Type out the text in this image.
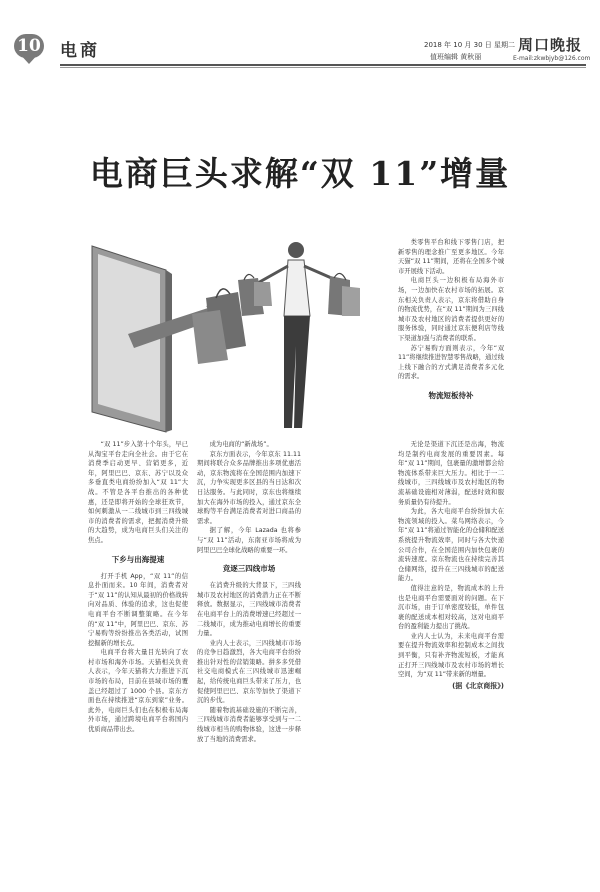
10 电商	2018 年 10 月 30 日 星期二 周口晚报
值班编辑 黄秋丽	E-mail:zkwbjyb@126.com
电商巨头求解“双 11”增量

“双 11”步入第十个年头，早已从淘宝平台走向全社会。由于它在消费季启动更早、营销更多，近年，阿里巴巴、京东、苏宁以及众多垂直类电商纷纷加入“双 11”大战。不管是各平台推出的各种优惠，还是即将开始的全球狂欢节，如何刺激从一二线城市到三四线城市的消费者的需求，把握消费升级的大趋势，成为电商巨头们关注的焦点。

下乡与出海提速

打开手机 App，“双 11”的信息扑面而来。10 年间，消费者对于“双 11”的认知从最初的价格战转向对品质、体验的追求，这也促使电商平台不断调整策略。在今年的“双 11”中，阿里巴巴、京东、苏宁易购等纷纷推出各类活动，试图挖掘新的增长点。

电商平台将大量目光转向了农村市场和海外市场。天猫相关负责人表示，今年天猫将大力推进下沉市场的布局，目前在县域市场的覆盖已经超过了 1000 个县。京东方面也在持续推进“京东到家”业务。此外，电商巨头们也在积极布局海外市场，通过跨境电商平台将国内优质商品带出去。

成为电商的“新战场”。

京东方面表示，今年京东 11.11 期间将联合众多品牌推出多项优惠活动，京东物流将在全国范围内加速下沉，力争实现更多区县的当日达和次日达服务。与此同时，京东也将继续加大在海外市场的投入，通过京东全球购等平台满足消费者对进口商品的需求。

据了解，今年 Lazada 也将参与“双 11”活动，东南亚市场将成为阿里巴巴全球化战略的重要一环。

竞逐三四线市场

在消费升级的大背景下，三四线城市及农村地区的消费潜力正在不断释放。数据显示，三四线城市消费者在电商平台上的消费增速已经超过一二线城市，成为推动电商增长的重要力量。

业内人士表示，三四线城市市场的竞争日趋激烈，各大电商平台纷纷推出针对性的营销策略。拼多多凭借社交电商模式在三四线城市迅速崛起，给传统电商巨头带来了压力，也促使阿里巴巴、京东等加快了渠道下沉的步伐。

随着物流基础设施的不断完善，三四线城市消费者能够享受到与一二线城市相当的购物体验，这进一步释放了当地的消费需求。

类零售平台和线下零售门店，把新零售的理念推广至更多地区。今年天猫“双 11”期间，还将在全国多个城市开展线下活动。

电商巨头一边积极布局海外市场，一边加快在农村市场的拓展。京东相关负责人表示，京东将借助自身的物流优势，在“双 11”期间为三四线城市及农村地区的消费者提供更好的服务体验，同时通过京东便利店等线下渠道加强与消费者的联系。

苏宁易购方面则表示，今年“双 11”将继续推进智慧零售战略，通过线上线下融合的方式满足消费者多元化的需求。

物流短板待补

无论是渠道下沉还是出海，物流均是制约电商发展的重要因素。每年“双 11”期间，包裹量的激增都会给物流体系带来巨大压力。相比于一二线城市，三四线城市及农村地区的物流基础设施相对薄弱，配送时效和服务质量仍有待提升。

为此，各大电商平台纷纷加大在物流领域的投入。菜鸟网络表示，今年“双 11”将通过智能化的仓储和配送系统提升物流效率，同时与各大快递公司合作，在全国范围内加快包裹的流转速度。京东物流也在持续完善其仓储网络，提升在三四线城市的配送能力。

值得注意的是，物流成本的上升也是电商平台需要面对的问题。在下沉市场，由于订单密度较低，单件包裹的配送成本相对较高，这对电商平台的盈利能力提出了挑战。

业内人士认为，未来电商平台需要在提升物流效率和控制成本之间找到平衡，只有补齐物流短板，才能真正打开三四线城市及农村市场的增长空间，为“双 11”带来新的增量。

(据《北京商报》)
